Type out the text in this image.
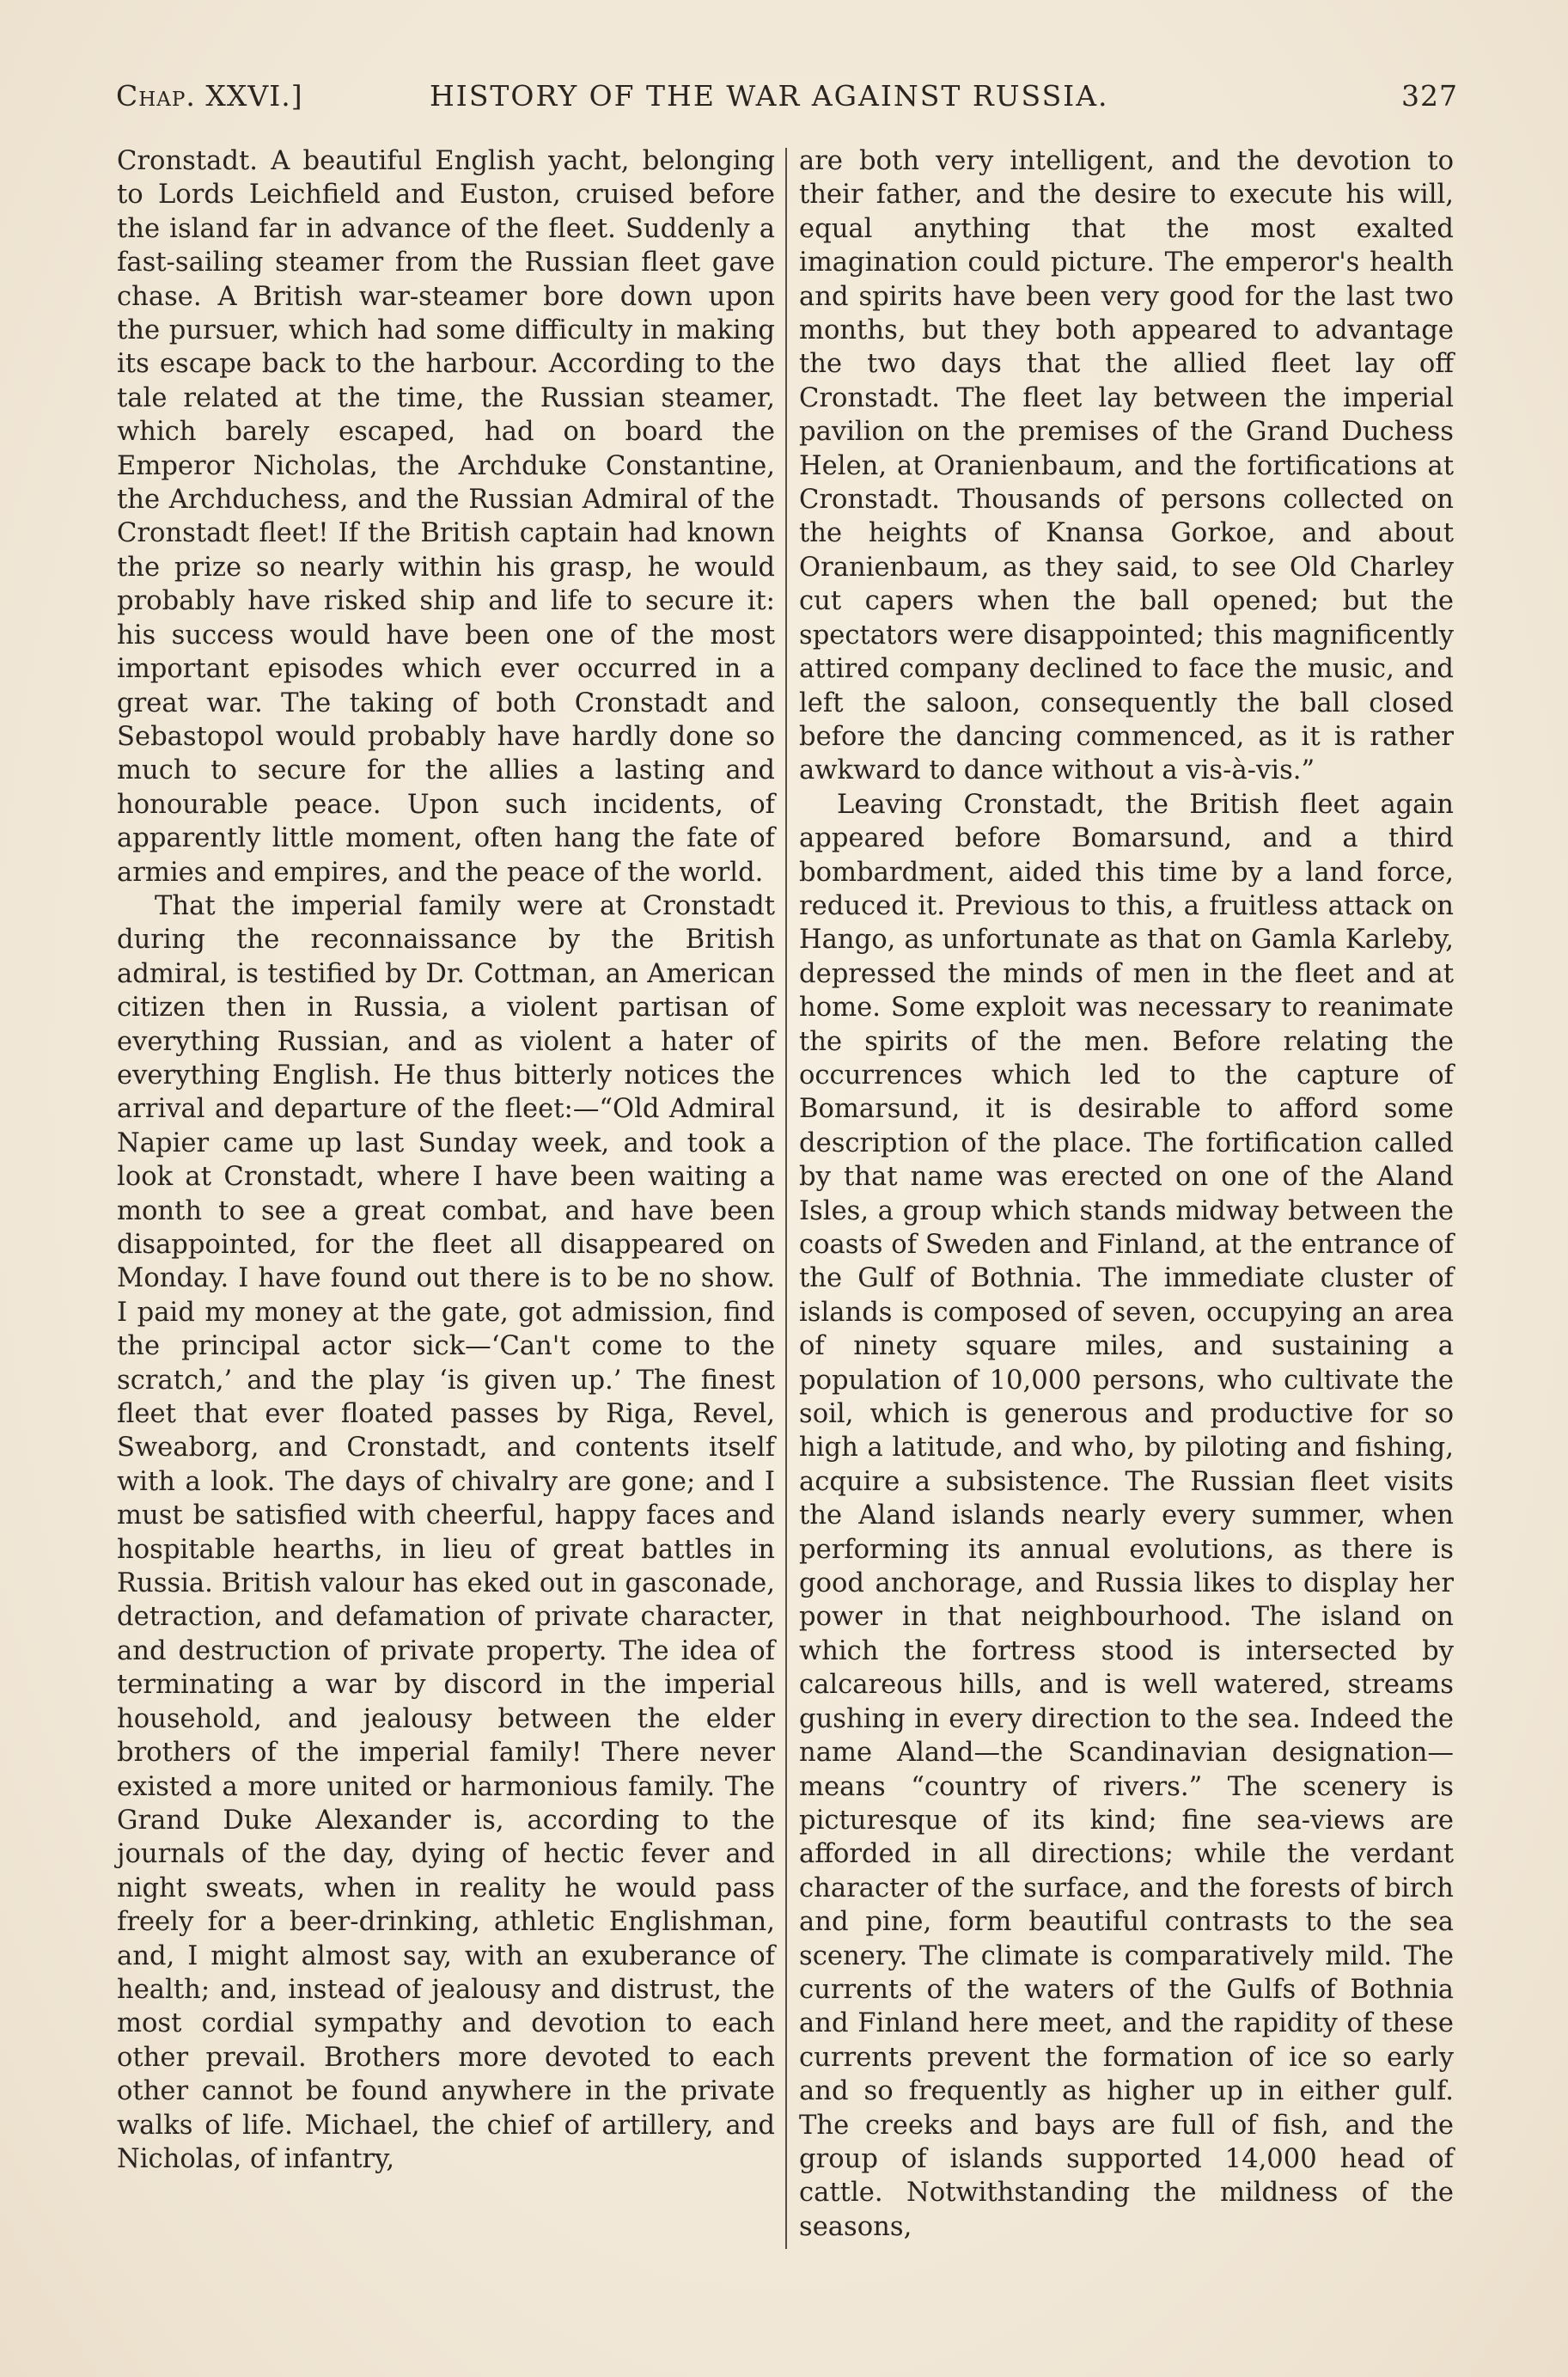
Chap. XXVI.]	HISTORY OF THE WAR AGAINST RUSSIA.	327

Cronstadt. A beautiful English yacht, belonging to Lords Leichfield and Euston, cruised before the island far in advance of the fleet. Suddenly a fast-sailing steamer from the Russian fleet gave chase. A British war-steamer bore down upon the pursuer, which had some difficulty in making its escape back to the harbour. According to the tale related at the time, the Russian steamer, which barely escaped, had on board the Emperor Nicholas, the Archduke Constantine, the Archduchess, and the Russian Admiral of the Cronstadt fleet! If the British captain had known the prize so nearly within his grasp, he would probably have risked ship and life to secure it: his success would have been one of the most important episodes which ever occurred in a great war. The taking of both Cronstadt and Sebastopol would probably have hardly done so much to secure for the allies a lasting and honourable peace. Upon such incidents, of apparently little moment, often hang the fate of armies and empires, and the peace of the world.

That the imperial family were at Cronstadt during the reconnaissance by the British admiral, is testified by Dr. Cottman, an American citizen then in Russia, a violent partisan of everything Russian, and as violent a hater of everything English. He thus bitterly notices the arrival and departure of the fleet:—“Old Admiral Napier came up last Sunday week, and took a look at Cronstadt, where I have been waiting a month to see a great combat, and have been disappointed, for the fleet all disappeared on Monday. I have found out there is to be no show. I paid my money at the gate, got admission, find the principal actor sick—‘Can't come to the scratch,’ and the play ‘is given up.’ The finest fleet that ever floated passes by Riga, Revel, Sweaborg, and Cronstadt, and contents itself with a look. The days of chivalry are gone; and I must be satisfied with cheerful, happy faces and hospitable hearths, in lieu of great battles in Russia. British valour has eked out in gasconade, detraction, and defamation of private character, and destruction of private property. The idea of terminating a war by discord in the imperial household, and jealousy between the elder brothers of the imperial family! There never existed a more united or harmonious family. The Grand Duke Alexander is, according to the journals of the day, dying of hectic fever and night sweats, when in reality he would pass freely for a beer-drinking, athletic Englishman, and, I might almost say, with an exuberance of health; and, instead of jealousy and distrust, the most cordial sympathy and devotion to each other prevail. Brothers more devoted to each other cannot be found anywhere in the private walks of life. Michael, the chief of artillery, and Nicholas, of infantry,

are both very intelligent, and the devotion to their father, and the desire to execute his will, equal anything that the most exalted imagination could picture. The emperor's health and spirits have been very good for the last two months, but they both appeared to advantage the two days that the allied fleet lay off Cronstadt. The fleet lay between the imperial pavilion on the premises of the Grand Duchess Helen, at Oranienbaum, and the fortifications at Cronstadt. Thousands of persons collected on the heights of Knansa Gorkoe, and about Oranienbaum, as they said, to see Old Charley cut capers when the ball opened; but the spectators were disappointed; this magnificently attired company declined to face the music, and left the saloon, consequently the ball closed before the dancing commenced, as it is rather awkward to dance without a vis-à-vis.”

Leaving Cronstadt, the British fleet again appeared before Bomarsund, and a third bombardment, aided this time by a land force, reduced it. Previous to this, a fruitless attack on Hango, as unfortunate as that on Gamla Karleby, depressed the minds of men in the fleet and at home. Some exploit was necessary to reanimate the spirits of the men. Before relating the occurrences which led to the capture of Bomarsund, it is desirable to afford some description of the place. The fortification called by that name was erected on one of the Aland Isles, a group which stands midway between the coasts of Sweden and Finland, at the entrance of the Gulf of Bothnia. The immediate cluster of islands is composed of seven, occupying an area of ninety square miles, and sustaining a population of 10,000 persons, who cultivate the soil, which is generous and productive for so high a latitude, and who, by piloting and fishing, acquire a subsistence. The Russian fleet visits the Aland islands nearly every summer, when performing its annual evolutions, as there is good anchorage, and Russia likes to display her power in that neighbourhood. The island on which the fortress stood is intersected by calcareous hills, and is well watered, streams gushing in every direction to the sea. Indeed the name Aland—the Scandinavian designation—means “country of rivers.” The scenery is picturesque of its kind; fine sea-views are afforded in all directions; while the verdant character of the surface, and the forests of birch and pine, form beautiful contrasts to the sea scenery. The climate is comparatively mild. The currents of the waters of the Gulfs of Bothnia and Finland here meet, and the rapidity of these currents prevent the formation of ice so early and so frequently as higher up in either gulf. The creeks and bays are full of fish, and the group of islands supported 14,000 head of cattle. Notwithstanding the mildness of the seasons,
